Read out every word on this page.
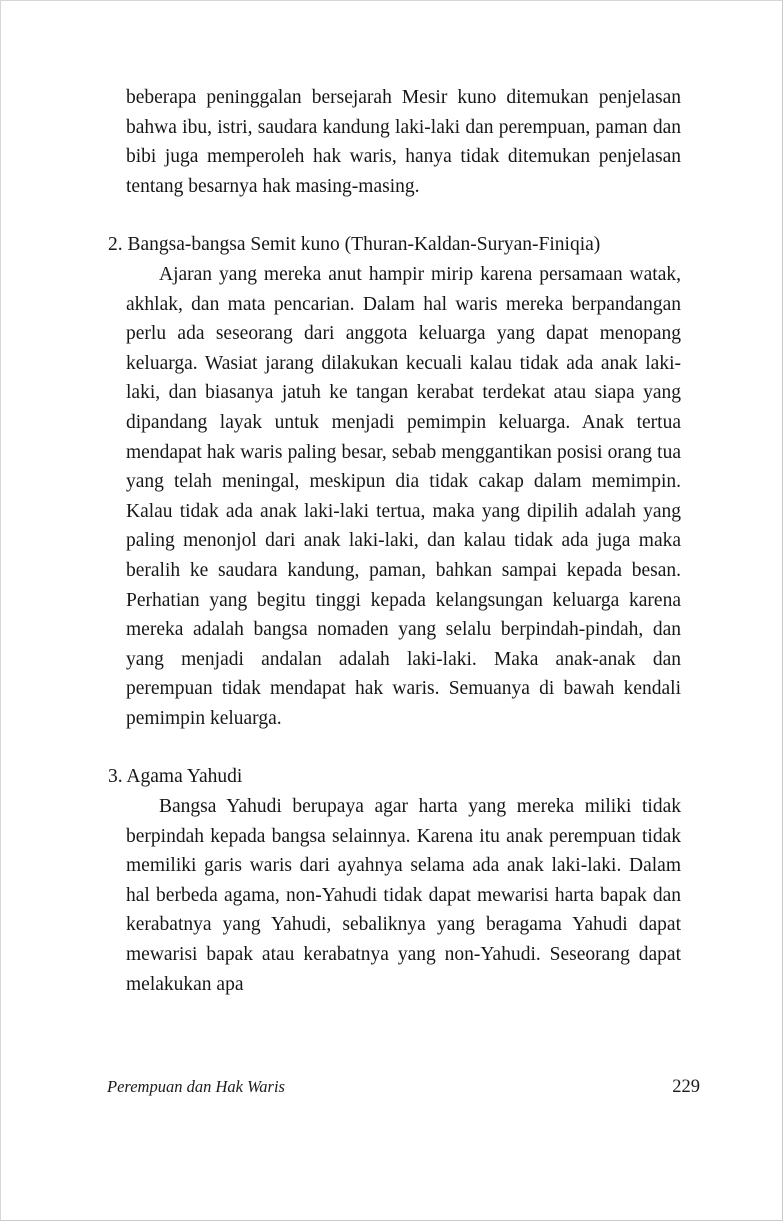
beberapa peninggalan bersejarah Mesir kuno ditemukan penjelasan bahwa ibu, istri, saudara kandung laki-laki dan perempuan, paman dan bibi juga memperoleh hak waris, hanya tidak ditemukan penjelasan tentang besarnya hak masing-masing.

2. Bangsa-bangsa Semit kuno (Thuran-Kaldan-Suryan-Finiqia)

Ajaran yang mereka anut hampir mirip karena persamaan watak, akhlak, dan mata pencarian. Dalam hal waris mereka berpandangan perlu ada seseorang dari anggota keluarga yang dapat menopang keluarga. Wasiat jarang dilakukan kecuali kalau tidak ada anak laki-laki, dan biasanya jatuh ke tangan kerabat terdekat atau siapa yang dipandang layak untuk menjadi pemimpin keluarga. Anak tertua mendapat hak waris paling besar, sebab menggantikan posisi orang tua yang telah meningal, meskipun dia tidak cakap dalam memimpin. Kalau tidak ada anak laki-laki tertua, maka yang dipilih adalah yang paling menonjol dari anak laki-laki, dan kalau tidak ada juga maka beralih ke saudara kandung, paman, bahkan sampai kepada besan. Perhatian yang begitu tinggi kepada kelangsungan keluarga karena mereka adalah bangsa nomaden yang selalu berpindah-pindah, dan yang menjadi andalan adalah laki-laki. Maka anak-anak dan perempuan tidak mendapat hak waris. Semuanya di bawah kendali pemimpin keluarga.

3. Agama Yahudi

Bangsa Yahudi berupaya agar harta yang mereka miliki tidak berpindah kepada bangsa selainnya. Karena itu anak perempuan tidak memiliki garis waris dari ayahnya selama ada anak laki-laki. Dalam hal berbeda agama, non-Yahudi tidak dapat mewarisi harta bapak dan kerabatnya yang Yahudi, sebaliknya yang beragama Yahudi dapat mewarisi bapak atau kerabatnya yang non-Yahudi. Seseorang dapat melakukan apa

Perempuan dan Hak Waris	229
